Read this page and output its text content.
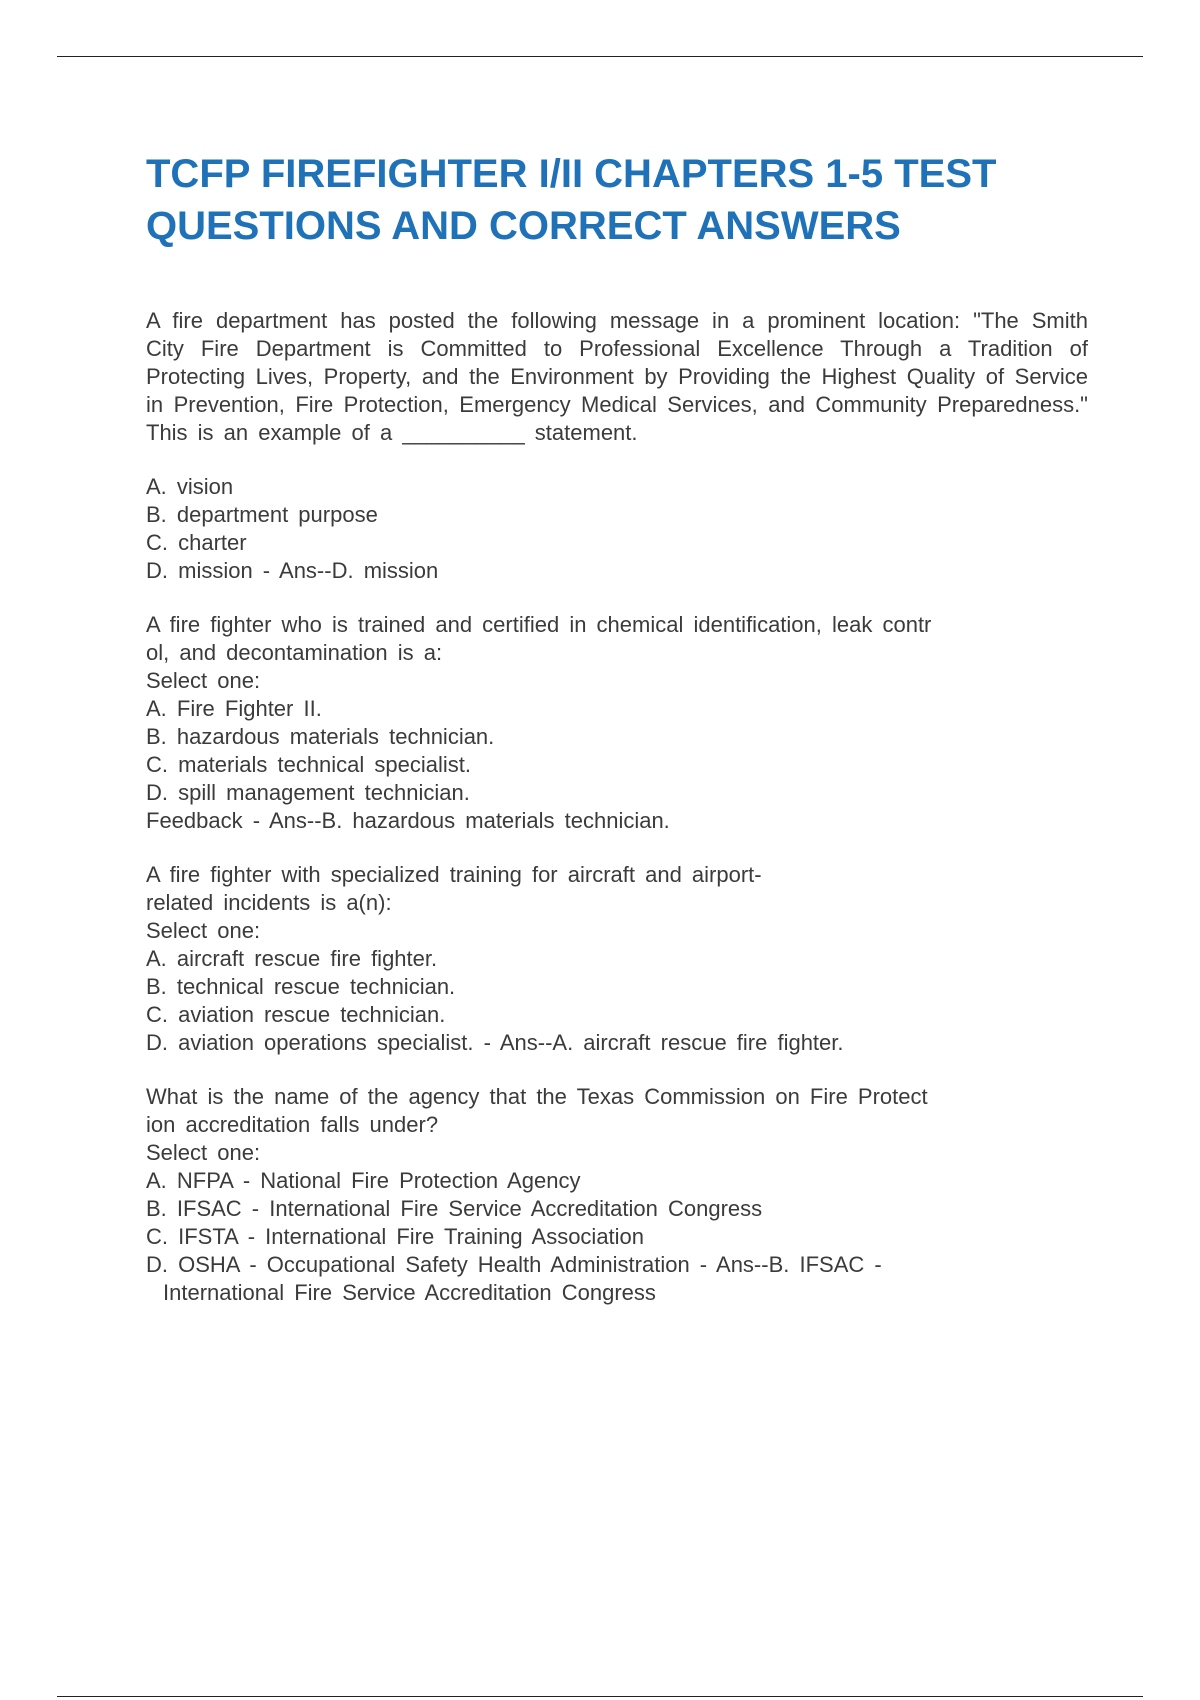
TCFP FIREFIGHTER I/II CHAPTERS 1-5 TEST QUESTIONS AND CORRECT ANSWERS

A fire department has posted the following message in a prominent location: "The Smith City Fire Department is Committed to Professional Excellence Through a Tradition of Protecting Lives, Property, and the Environment by Providing the Highest Quality of Service in Prevention, Fire Protection, Emergency Medical Services, and Community Preparedness." This is an example of a __________ statement.

A. vision
B. department purpose
C. charter
D. mission - Ans--D. mission
A fire fighter who is trained and certified in chemical identification, leak contr
ol, and decontamination is a:
Select one:
A. Fire Fighter II.
B. hazardous materials technician.
C. materials technical specialist.
D. spill management technician.
Feedback - Ans--B. hazardous materials technician.
A fire fighter with specialized training for aircraft and airport-
related incidents is a(n):
Select one:
A. aircraft rescue fire fighter.
B. technical rescue technician.
C. aviation rescue technician.
D. aviation operations specialist. - Ans--A. aircraft rescue fire fighter.
What is the name of the agency that the Texas Commission on Fire Protect
ion accreditation falls under?
Select one:
A. NFPA - National Fire Protection Agency
B. IFSAC - International Fire Service Accreditation Congress
C. IFSTA - International Fire Training Association
D. OSHA - Occupational Safety Health Administration - Ans--B. IFSAC -
International Fire Service Accreditation Congress
